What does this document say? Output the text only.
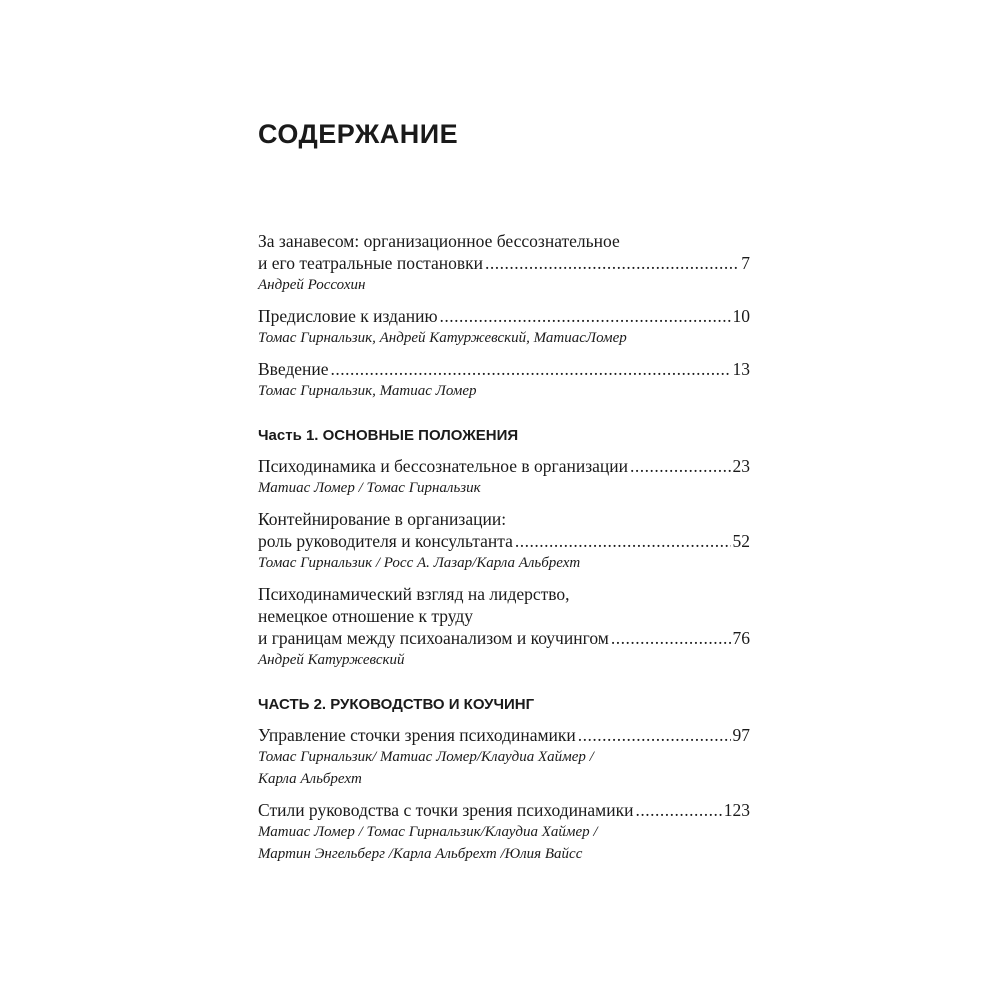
СОДЕРЖАНИЕ
За занавесом: организационное бессознательное
и его театральные постановки .....	7
Андрей Россохин
Предисловие к изданию .....	10
Томас Гирнальзик, Андрей Катуржевский, МатиасЛомер
Введение .....	13
Томас Гирнальзик, Матиас Ломер
Часть 1. ОСНОВНЫЕ ПОЛОЖЕНИЯ
Психодинамика и бессознательное в организации .....	23
Матиас Ломер / Томас Гирнальзик
Контейнирование в организации:
роль руководителя и консультанта .....	52
Томас Гирнальзик / Росс А. Лазар/Карла Альбрехт
Психодинамический взгляд на лидерство,
немецкое отношение к труду
и границам между психоанализом и коучингом .....	76
Андрей Катуржевский
ЧАСТЬ 2. РУКОВОДСТВО И КОУЧИНГ
Управление сточки зрения психодинамики .....	97
Томас Гирнальзик/ Матиас Ломер/Клаудиа Хаймер /
Карла Альбрехт
Стили руководства с точки зрения психодинамики .....	123
Матиас Ломер / Томас Гирнальзик/Клаудиа Хаймер /
Мартин Энгельберг /Карла Альбрехт /Юлия Вайсс
